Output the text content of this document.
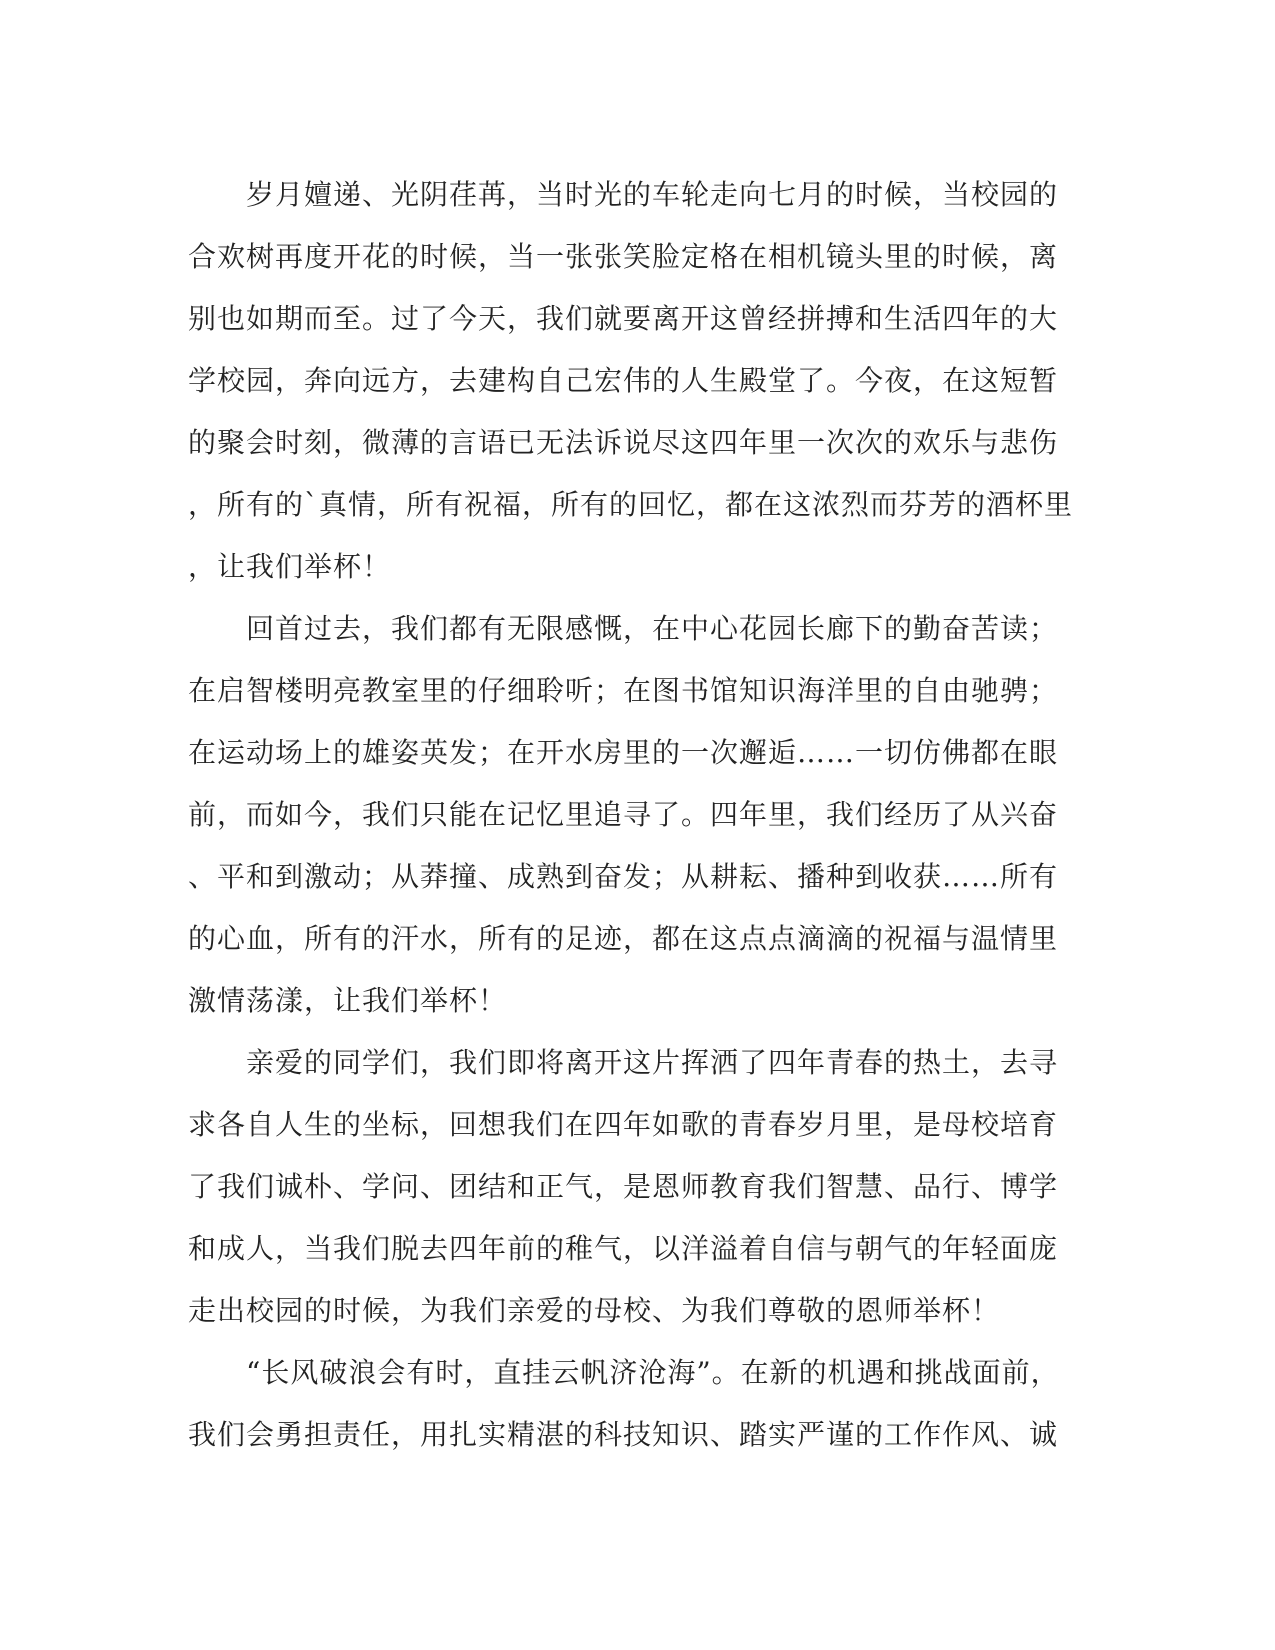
　　岁月嬗递、光阴荏苒，当时光的车轮走向七月的时候，当校园的
合欢树再度开花的时候，当一张张笑脸定格在相机镜头里的时候，离
别也如期而至。过了今天，我们就要离开这曾经拼搏和生活四年的大
学校园，奔向远方，去建构自己宏伟的人生殿堂了。今夜，在这短暂
的聚会时刻，微薄的言语已无法诉说尽这四年里一次次的欢乐与悲伤
，所有的`真情，所有祝福，所有的回忆，都在这浓烈而芬芳的酒杯里
，让我们举杯！
　　回首过去，我们都有无限感慨，在中心花园长廊下的勤奋苦读；
在启智楼明亮教室里的仔细聆听；在图书馆知识海洋里的自由驰骋；
在运动场上的雄姿英发；在开水房里的一次邂逅……一切仿佛都在眼
前，而如今，我们只能在记忆里追寻了。四年里，我们经历了从兴奋
、平和到激动；从莽撞、成熟到奋发；从耕耘、播种到收获……所有
的心血，所有的汗水，所有的足迹，都在这点点滴滴的祝福与温情里
激情荡漾，让我们举杯！
　　亲爱的同学们，我们即将离开这片挥洒了四年青春的热土，去寻
求各自人生的坐标，回想我们在四年如歌的青春岁月里，是母校培育
了我们诚朴、学问、团结和正气，是恩师教育我们智慧、品行、博学
和成人，当我们脱去四年前的稚气，以洋溢着自信与朝气的年轻面庞
走出校园的时候，为我们亲爱的母校、为我们尊敬的恩师举杯！
　　“长风破浪会有时，直挂云帆济沧海”。在新的机遇和挑战面前，
我们会勇担责任，用扎实精湛的科技知识、踏实严谨的工作作风、诚
